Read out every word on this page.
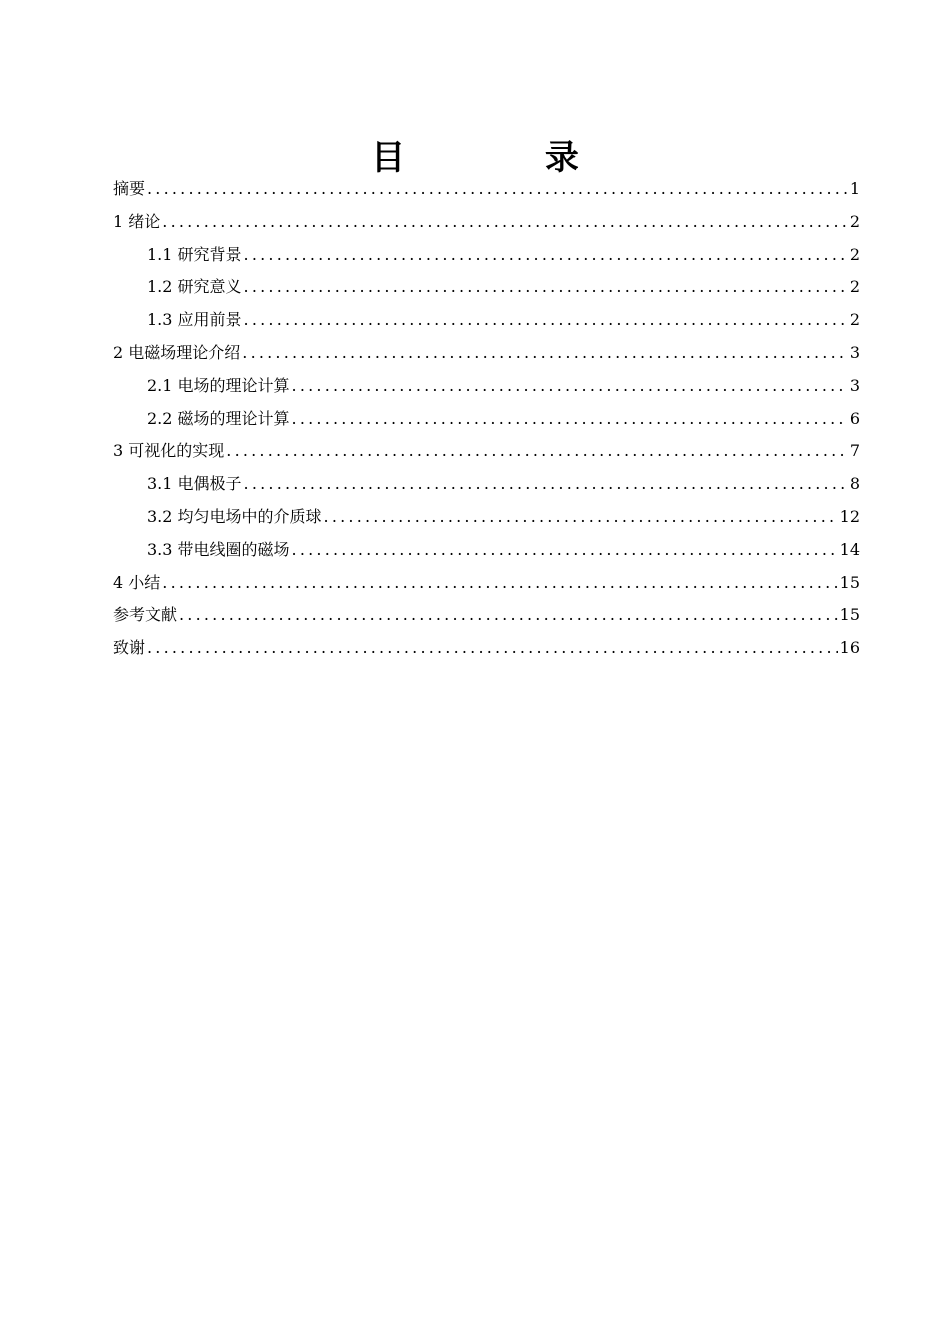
目 录
摘要 .....	1
1 绪论 .....	2
1.1 研究背景 .....	2
1.2 研究意义 .....	2
1.3 应用前景 .....	2
2 电磁场理论介绍 .....	3
2.1 电场的理论计算 .....	3
2.2 磁场的理论计算 .....	6
3 可视化的实现 .....	7
3.1 电偶极子 .....	8
3.2 均匀电场中的介质球 .....	12
3.3 带电线圈的磁场 .....	14
4 小结 .....	15
参考文献 .....	15
致谢 .....	16
